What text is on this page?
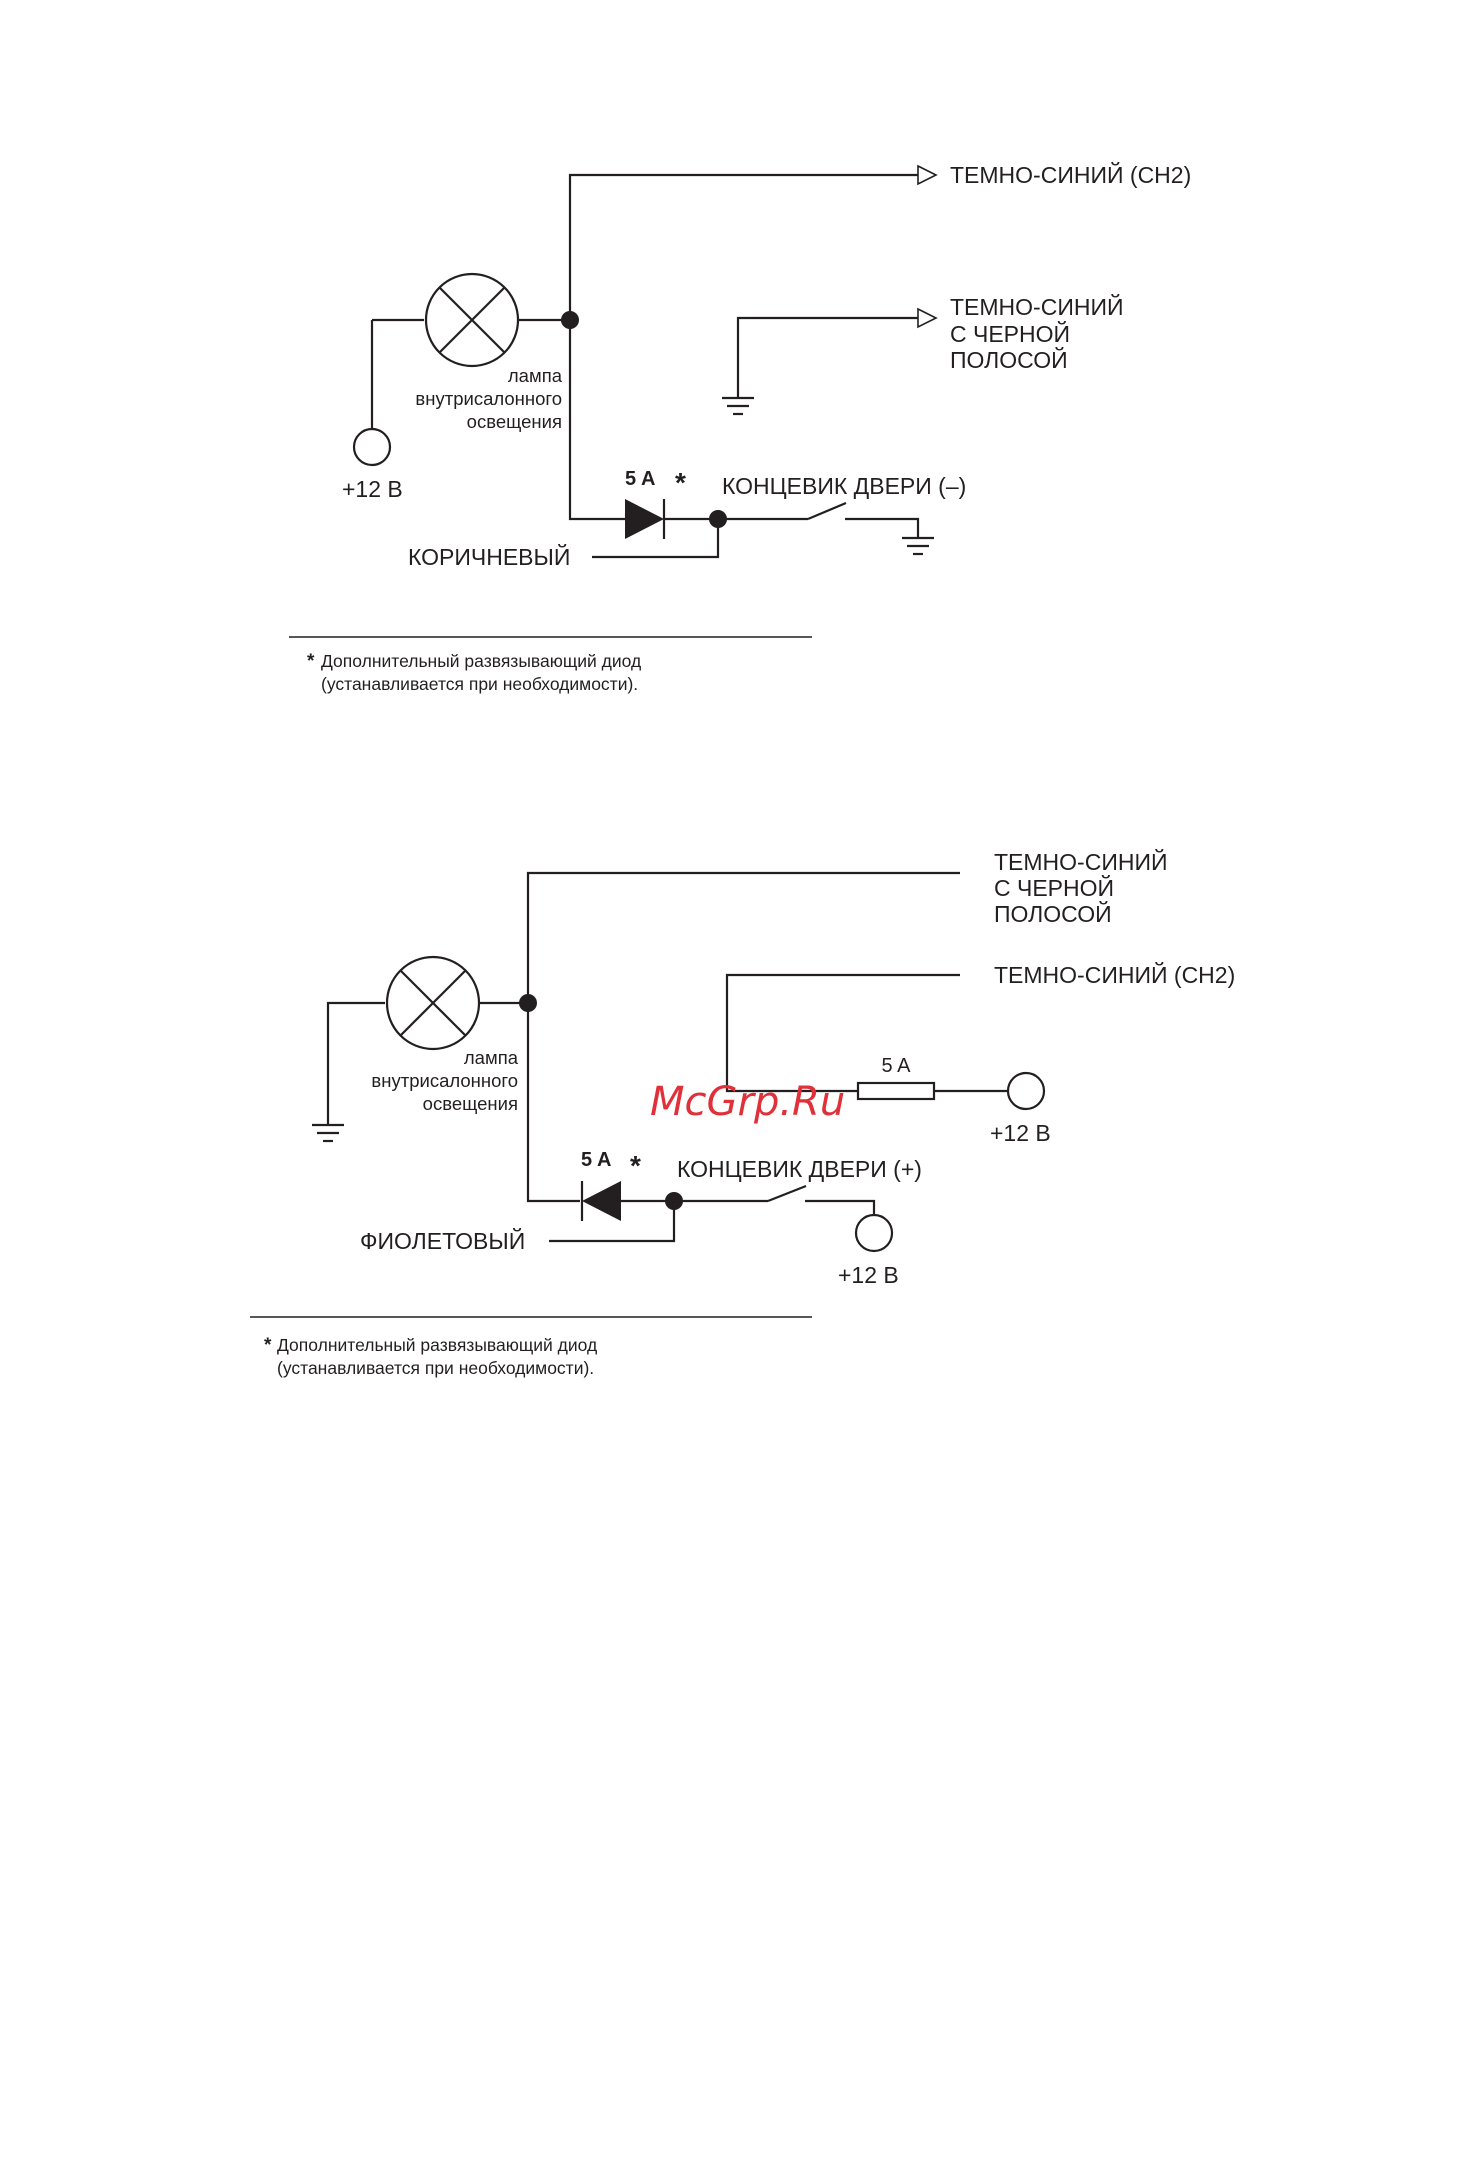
ТЕМНО-СИНИЙ (CH2)
ТЕМНО-СИНИЙ
С ЧЕРНОЙ
ПОЛОСОЙ
лампа
внутрисалонного
освещения
+12 В	5 A * КОНЦЕВИК ДВЕРИ (–)
КОРИЧНЕВЫЙ
* Дополнительный развязывающий диод
(устанавливается при необходимости).
ТЕМНО-СИНИЙ
С ЧЕРНОЙ
ПОЛОСОЙ
ТЕМНО-СИНИЙ (CH2)
лампа
внутрисалонного
освещения
5 A
+12 В
5 A * КОНЦЕВИК ДВЕРИ (+)
ФИОЛЕТОВЫЙ
+12 В
* Дополнительный развязывающий диод
(устанавливается при необходимости).
McGrp.Ru
